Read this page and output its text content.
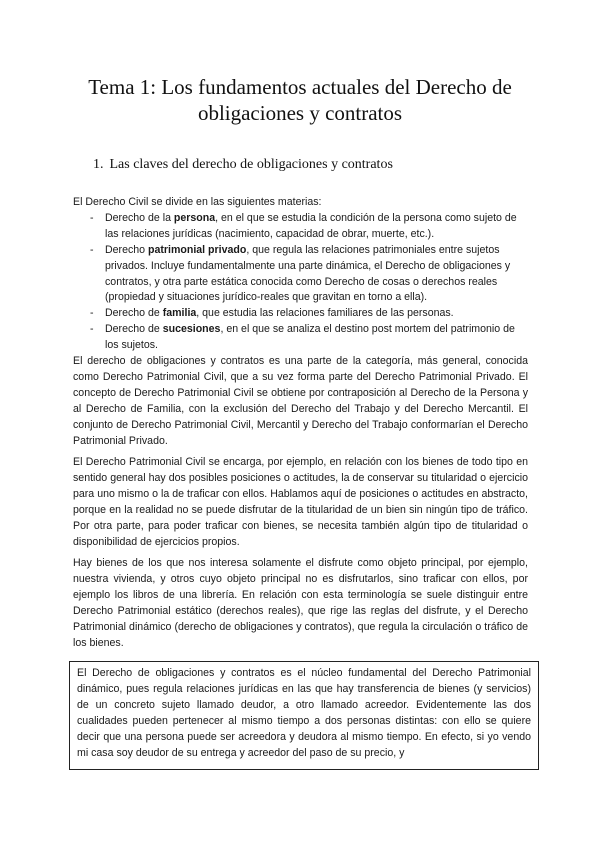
Tema 1: Los fundamentos actuales del Derecho de obligaciones y contratos
1. Las claves del derecho de obligaciones y contratos
El Derecho Civil se divide en las siguientes materias:
- Derecho de la persona, en el que se estudia la condición de la persona como sujeto de las relaciones jurídicas (nacimiento, capacidad de obrar, muerte, etc.).
- Derecho patrimonial privado, que regula las relaciones patrimoniales entre sujetos privados. Incluye fundamentalmente una parte dinámica, el Derecho de obligaciones y contratos, y otra parte estática conocida como Derecho de cosas o derechos reales (propiedad y situaciones jurídico-reales que gravitan en torno a ella).
- Derecho de familia, que estudia las relaciones familiares de las personas.
- Derecho de sucesiones, en el que se analiza el destino post mortem del patrimonio de los sujetos.

El derecho de obligaciones y contratos es una parte de la categoría, más general, conocida como Derecho Patrimonial Civil, que a su vez forma parte del Derecho Patrimonial Privado. El concepto de Derecho Patrimonial Civil se obtiene por contraposición al Derecho de la Persona y al Derecho de Familia, con la exclusión del Derecho del Trabajo y del Derecho Mercantil. El conjunto de Derecho Patrimonial Civil, Mercantil y Derecho del Trabajo conformarían el Derecho Patrimonial Privado.

El Derecho Patrimonial Civil se encarga, por ejemplo, en relación con los bienes de todo tipo en sentido general hay dos posibles posiciones o actitudes, la de conservar su titularidad o ejercicio para uno mismo o la de traficar con ellos. Hablamos aquí de posiciones o actitudes en abstracto, porque en la realidad no se puede disfrutar de la titularidad de un bien sin ningún tipo de tráfico. Por otra parte, para poder traficar con bienes, se necesita también algún tipo de titularidad o disponibilidad de ejercicios propios.

Hay bienes de los que nos interesa solamente el disfrute como objeto principal, por ejemplo, nuestra vivienda, y otros cuyo objeto principal no es disfrutarlos, sino traficar con ellos, por ejemplo los libros de una librería. En relación con esta terminología se suele distinguir entre Derecho Patrimonial estático (derechos reales), que rige las reglas del disfrute, y el Derecho Patrimonial dinámico (derecho de obligaciones y contratos), que regula la circulación o tráfico de los bienes.

El Derecho de obligaciones y contratos es el núcleo fundamental del Derecho Patrimonial dinámico, pues regula relaciones jurídicas en las que hay transferencia de bienes (y servicios) de un concreto sujeto llamado deudor, a otro llamado acreedor. Evidentemente las dos cualidades pueden pertenecer al mismo tiempo a dos personas distintas: con ello se quiere decir que una persona puede ser acreedora y deudora al mismo tiempo. En efecto, si yo vendo mi casa soy deudor de su entrega y acreedor del paso de su precio, y
